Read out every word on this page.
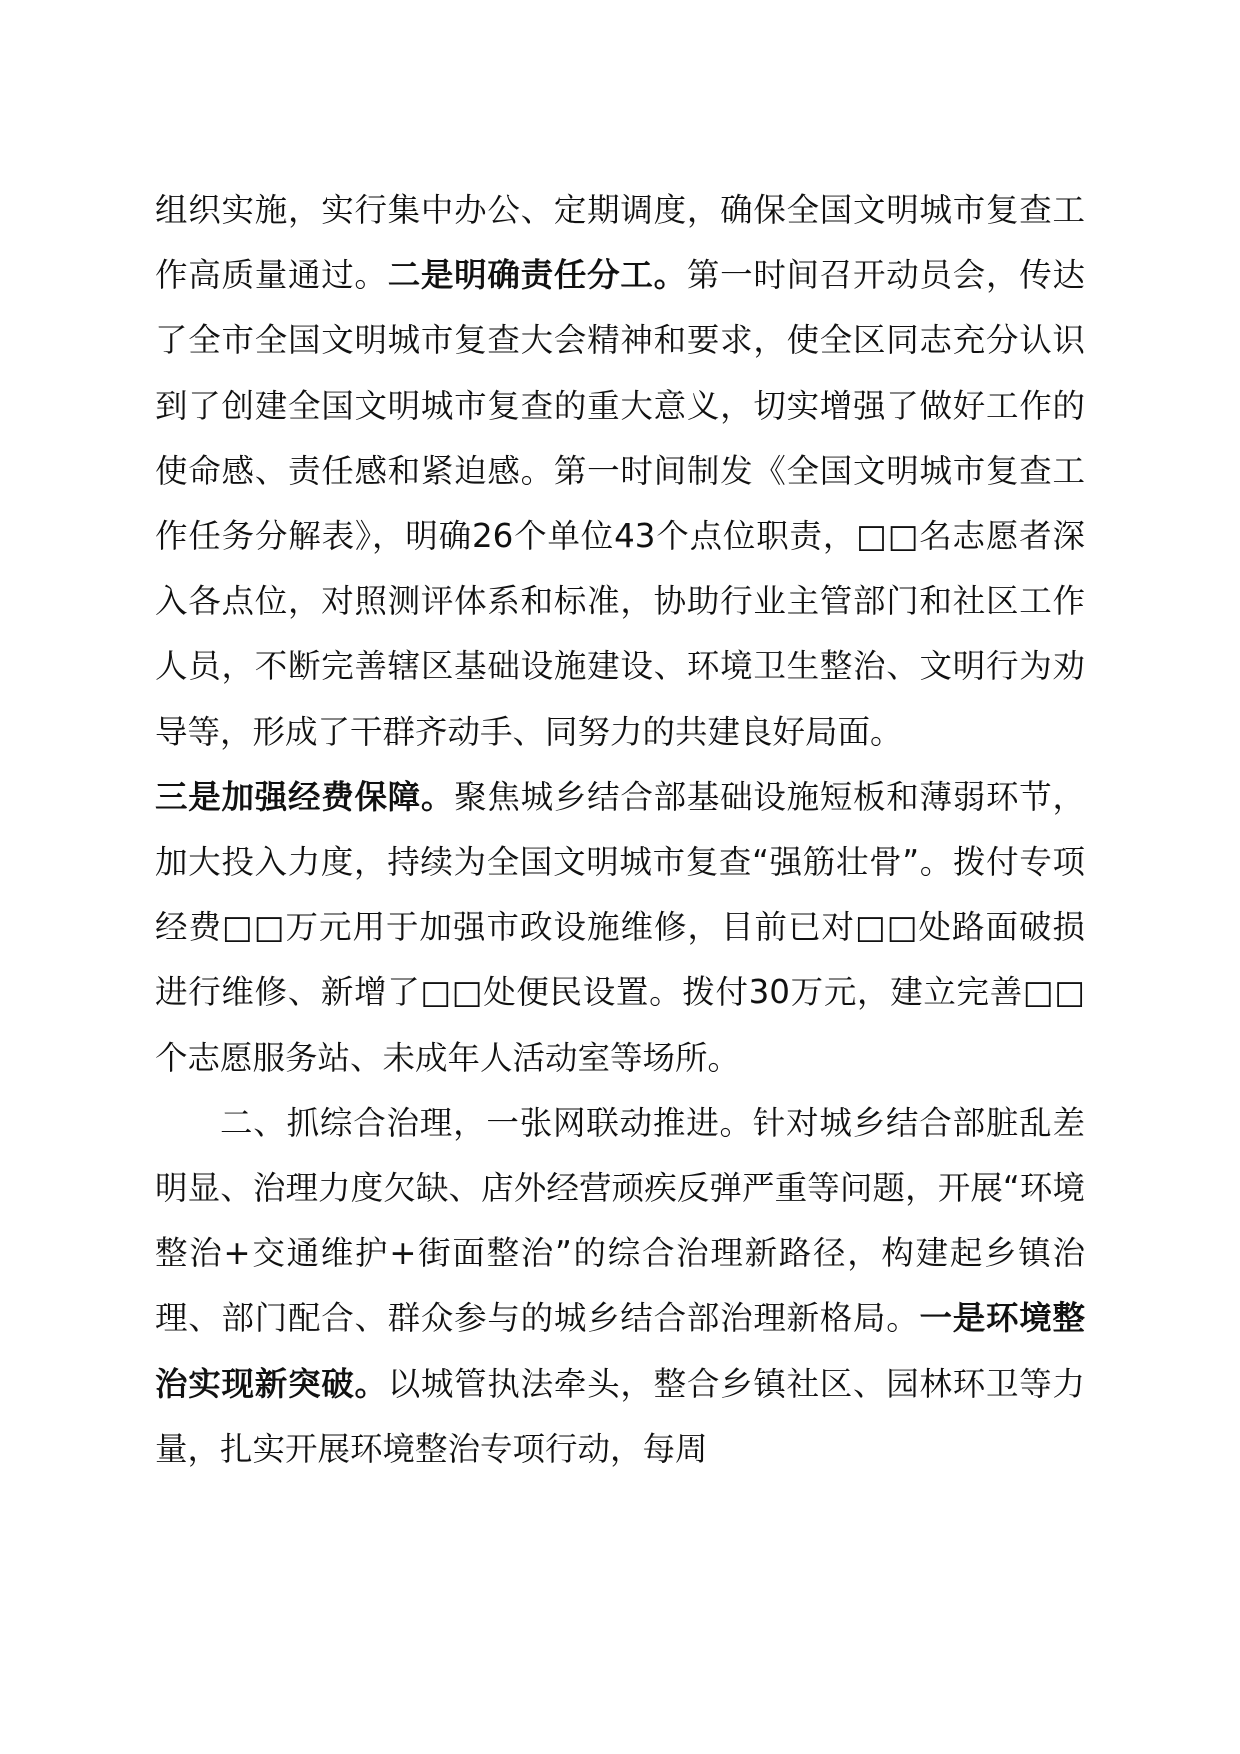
组织实施，实行集中办公、定期调度，确保全国文明城市复查工作高质量通过。二是明确责任分工。第一时间召开动员会，传达了全市全国文明城市复查大会精神和要求，使全区同志充分认识到了创建全国文明城市复查的重大意义，切实增强了做好工作的使命感、责任感和紧迫感。第一时间制发《全国文明城市复查工作任务分解表》，明确26个单位43个点位职责，□□名志愿者深入各点位，对照测评体系和标准，协助行业主管部门和社区工作人员，不断完善辖区基础设施建设、环境卫生整治、文明行为劝导等，形成了干群齐动手、同努力的共建良好局面。

三是加强经费保障。聚焦城乡结合部基础设施短板和薄弱环节，加大投入力度，持续为全国文明城市复查“强筋壮骨”。拨付专项经费□□万元用于加强市政设施维修，目前已对□□处路面破损进行维修、新增了□□处便民设置。拨付30万元，建立完善□□个志愿服务站、未成年人活动室等场所。

二、抓综合治理，一张网联动推进。针对城乡结合部脏乱差明显、治理力度欠缺、店外经营顽疾反弹严重等问题，开展“环境整治+交通维护+街面整治”的综合治理新路径，构建起乡镇治理、部门配合、群众参与的城乡结合部治理新格局。一是环境整治实现新突破。以城管执法牵头，整合乡镇社区、园林环卫等力量，扎实开展环境整治专项行动，每周
